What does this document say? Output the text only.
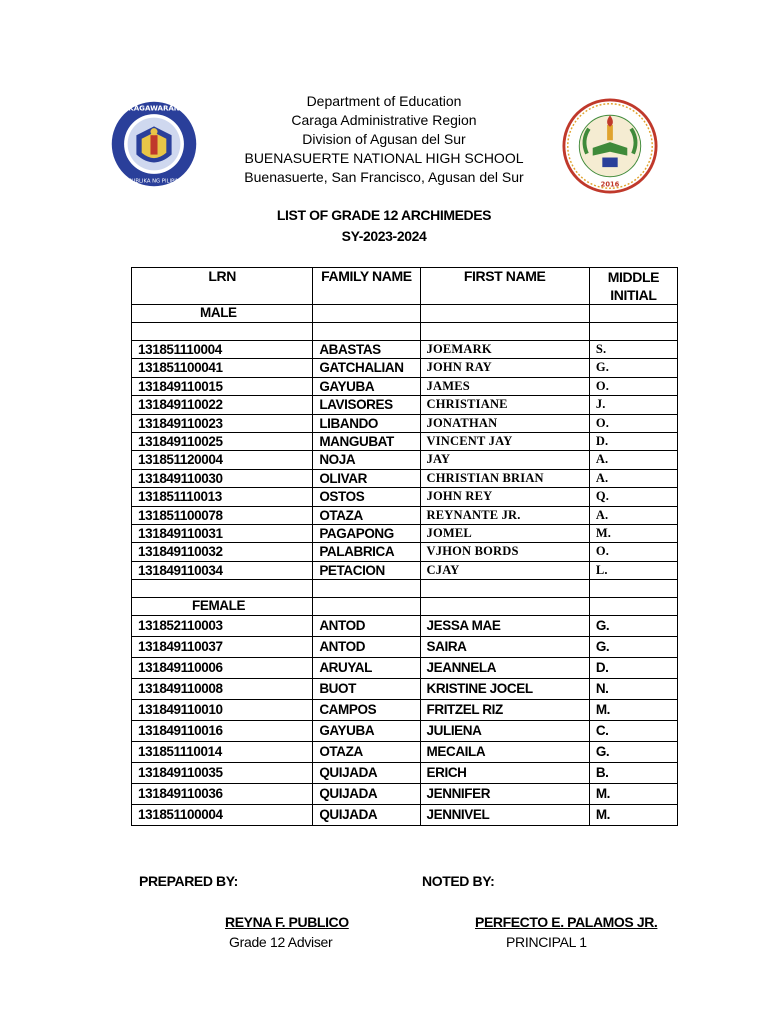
KAGAWARAN
REPUBLIKA NG PILIPINAS	2016
Department of Education
Caraga Administrative Region
Division of Agusan del Sur
BUENASUERTE NATIONAL HIGH SCHOOL
Buenasuerte, San Francisco, Agusan del Sur
LIST OF GRADE 12 ARCHIMEDES
SY-2023-2024
LRN	FAMILY NAME	FIRST NAME	MIDDLE
INITIAL

MALE			

131851110004	ABASTAS	JOEMARK	S.
131851100041	GATCHALIAN	JOHN RAY	G.
131849110015	GAYUBA	JAMES	O.
131849110022	LAVISORES	CHRISTIANE	J.
131849110023	LIBANDO	JONATHAN	O.
131849110025	MANGUBAT	VINCENT JAY	D.
131851120004	NOJA	JAY	A.
131849110030	OLIVAR	CHRISTIAN BRIAN	A.
131851110013	OSTOS	JOHN REY	Q.
131851100078	OTAZA	REYNANTE JR.	A.
131849110031	PAGAPONG	JOMEL	M.
131849110032	PALABRICA	VJHON BORDS	O.
131849110034	PETACION	CJAY	L.

FEMALE			
131852110003	ANTOD	JESSA MAE	G.
131849110037	ANTOD	SAIRA	G.
131849110006	ARUYAL	JEANNELA	D.
131849110008	BUOT	KRISTINE JOCEL	N.
131849110010	CAMPOS	FRITZEL RIZ	M.
131849110016	GAYUBA	JULIENA	C.
131851110014	OTAZA	MECAILA	G.
131849110035	QUIJADA	ERICH	B.
131849110036	QUIJADA	JENNIFER	M.
131851100004	QUIJADA	JENNIVEL	M.
PREPARED BY:	NOTED BY:
REYNA F. PUBLICO
Grade 12 Adviser
PERFECTO E. PALAMOS JR.
PRINCIPAL 1
